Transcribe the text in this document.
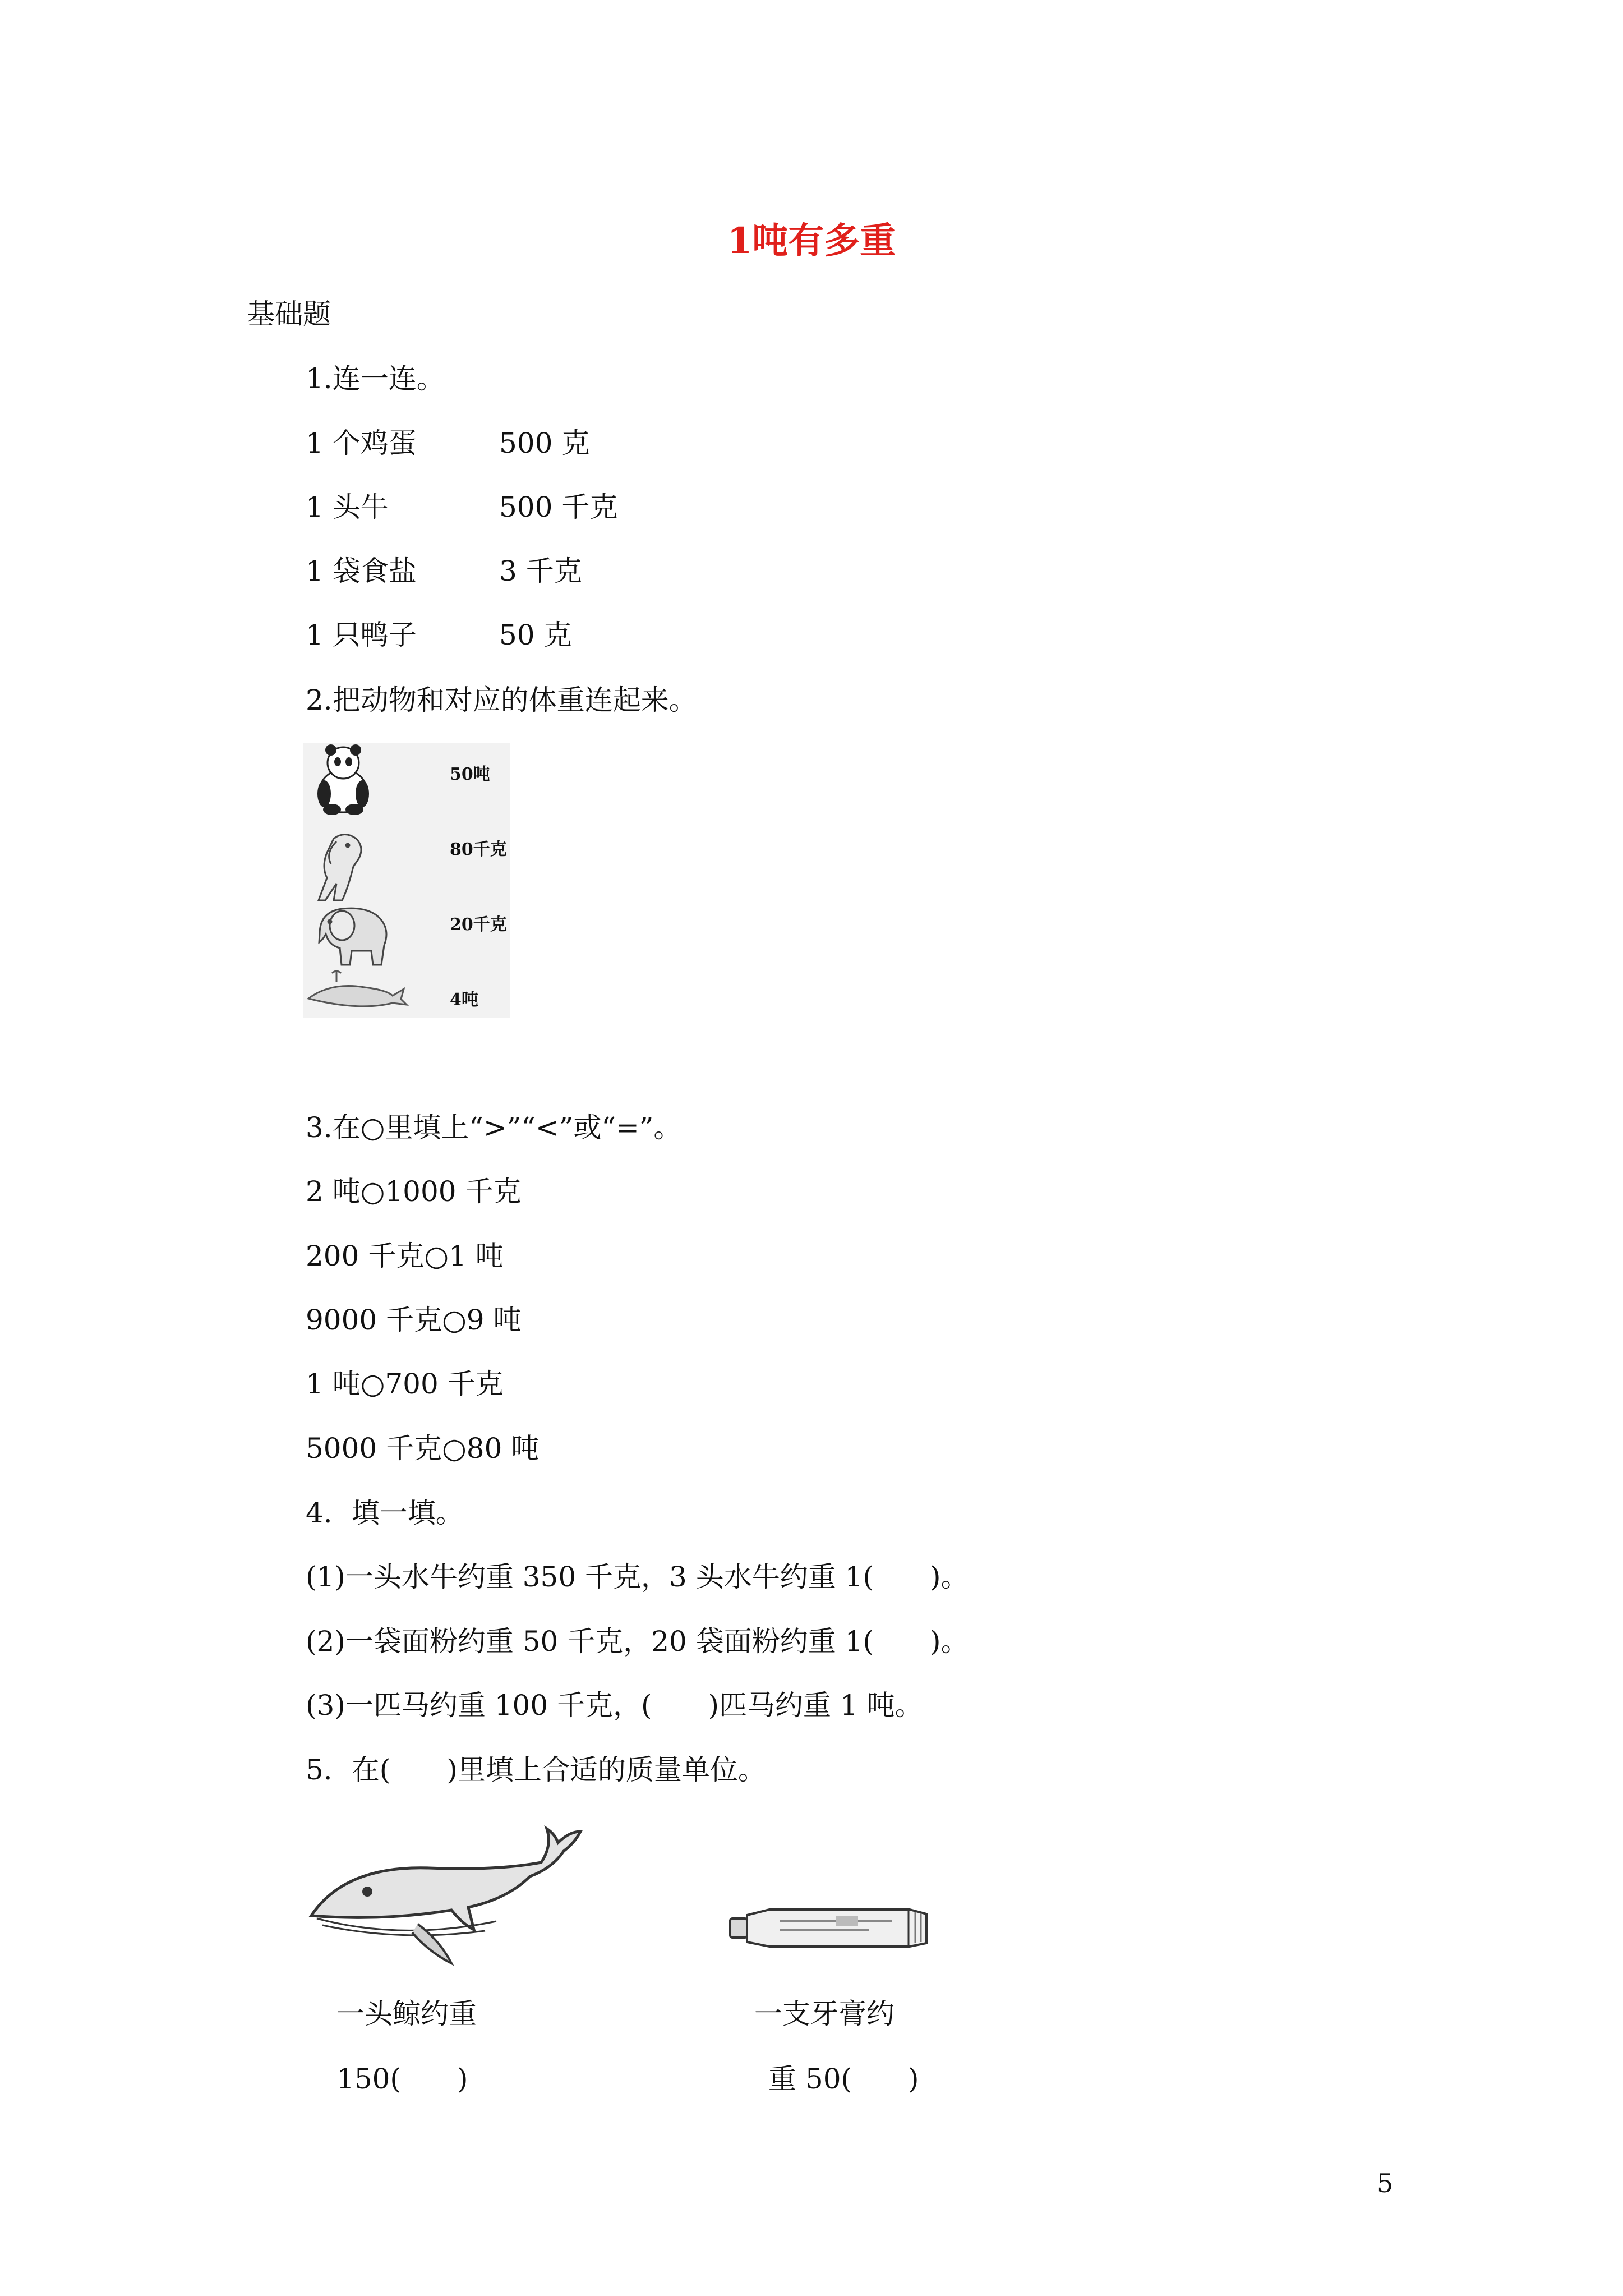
1吨有多重
基础题
1.连一连。
1 个鸡蛋	500 克
1 头牛	500 千克
1 袋食盐	3 千克
1 只鸭子	50 克
2.把动物和对应的体重连起来。
50吨
80千克
20千克
4吨
3.在○里填上“>”“<”或“=”。
2 吨○1000 千克
200 千克○1 吨
9000 千克○9 吨
1 吨○700 千克
5000 千克○80 吨
4．填一填。
(1)一头水牛约重 350 千克，3 头水牛约重 1(　　)。
(2)一袋面粉约重 50 千克，20 袋面粉约重 1(　　)。
(3)一匹马约重 100 千克，(　　)匹马约重 1 吨。
5．在(　　)里填上合适的质量单位。
一头鲸约重
150(　　)
一支牙膏约
重 50(　　)
5
